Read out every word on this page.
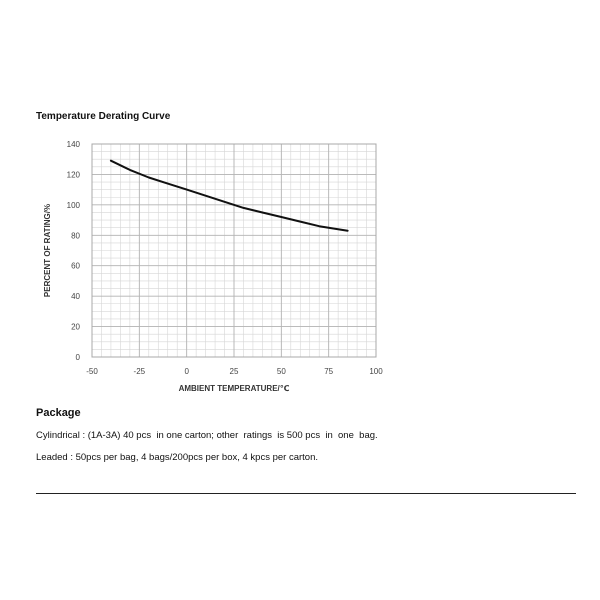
Temperature Derating Curve
-50	-25	0	25	50	75	100
0
20
40
60
80
100
120
140
AMBIENT TEMPERATURE/℃
PERCENT OF RATING/%
Package
Cylindrical : (1A-3A) 40 pcs  in one carton; other  ratings  is 500 pcs  in  one  bag.
Leaded : 50pcs per bag, 4 bags/200pcs per box, 4 kpcs per carton.
